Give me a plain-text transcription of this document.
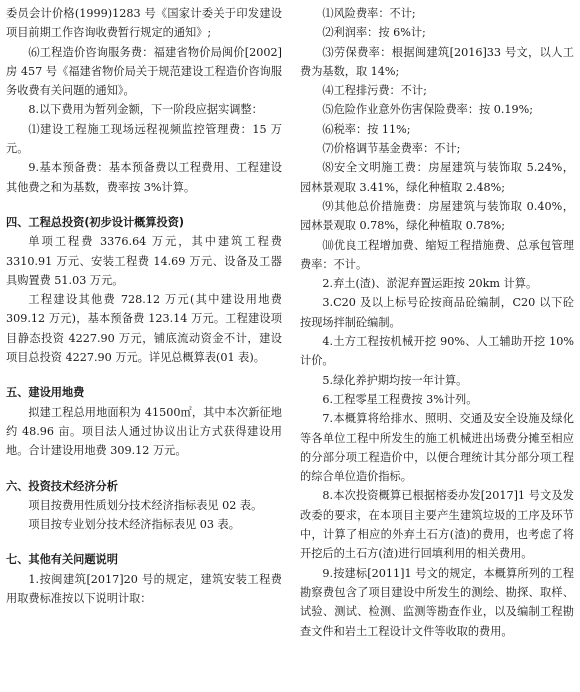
委员会计价格(1999)1283 号《国家计委关于印发建设项目前期工作咨询收费暂行规定的通知》;

⑹工程造价咨询服务费：福建省物价局闽价[2002]房 457 号《福建省物价局关于规范建设工程造价咨询服务收费有关问题的通知》。

8.以下费用为暂列金额，下一阶段应据实调整：

⑴建设工程施工现场远程视频监控管理费：15 万元。

9.基本预备费：基本预备费以工程费用、工程建设其他费之和为基数，费率按 3%计算。

四、工程总投资(初步设计概算投资)

单项工程费 3376.64 万元，其中建筑工程费 3310.91 万元、安装工程费 14.69 万元、设备及工器具购置费 51.03 万元。

工程建设其他费 728.12 万元(其中建设用地费 309.12 万元)，基本预备费 123.14 万元。工程建设项目静态投资 4227.90 万元，铺底流动资金不计，建设项目总投资 4227.90 万元。详见总概算表(01 表)。

五、建设用地费

拟建工程总用地面积为 41500㎡，其中本次新征地约 48.96 亩。项目法人通过协议出让方式获得建设用地。合计建设用地费 309.12 万元。

六、投资技术经济分析

项目按费用性质划分技术经济指标表见 02 表。

项目按专业划分技术经济指标表见 03 表。

七、其他有关问题说明

1.按闽建筑[2017]20 号的规定，建筑安装工程费用取费标准按以下说明计取：

⑴风险费率：不计;

⑵利润率：按 6%计;

⑶劳保费率：根据闽建筑[2016]33 号文，以人工费为基数，取 14%;

⑷工程排污费：不计;

⑸危险作业意外伤害保险费率：按 0.19%;

⑹税率：按 11%;

⑺价格调节基金费率：不计;

⑻安全文明施工费：房屋建筑与装饰取 5.24%，园林景观取 3.41%，绿化种植取 2.48%;

⑼其他总价措施费：房屋建筑与装饰取 0.40%，园林景观取 0.78%，绿化种植取 0.78%;

⑽优良工程增加费、缩短工程措施费、总承包管理费率：不计。

2.弃土(渣)、淤泥弃置运距按 20km 计算。

3.C20 及以上标号砼按商品砼编制，C20 以下砼按现场拌制砼编制。

4.土方工程按机械开挖 90%、人工辅助开挖 10%计价。

5.绿化养护期均按一年计算。

6.工程零星工程费按 3%计列。

7.本概算将给排水、照明、交通及安全设施及绿化等各单位工程中所发生的施工机械进出场费分摊至相应的分部分项工程造价中，以便合理统计其分部分项工程的综合单位造价指标。

8.本次投资概算已根据榕委办发[2017]1 号文及发改委的要求，在本项目主要产生建筑垃圾的工序及环节中，计算了相应的外弃土石方(渣)的费用，也考虑了将开挖后的土石方(渣)进行回填利用的相关费用。

9.按建标[2011]1 号文的规定，本概算所列的工程勘察费包含了项目建设中所发生的测绘、勘探、取样、试验、测试、检测、监测等勘查作业，以及编制工程勘查文件和岩土工程设计文件等收取的费用。
